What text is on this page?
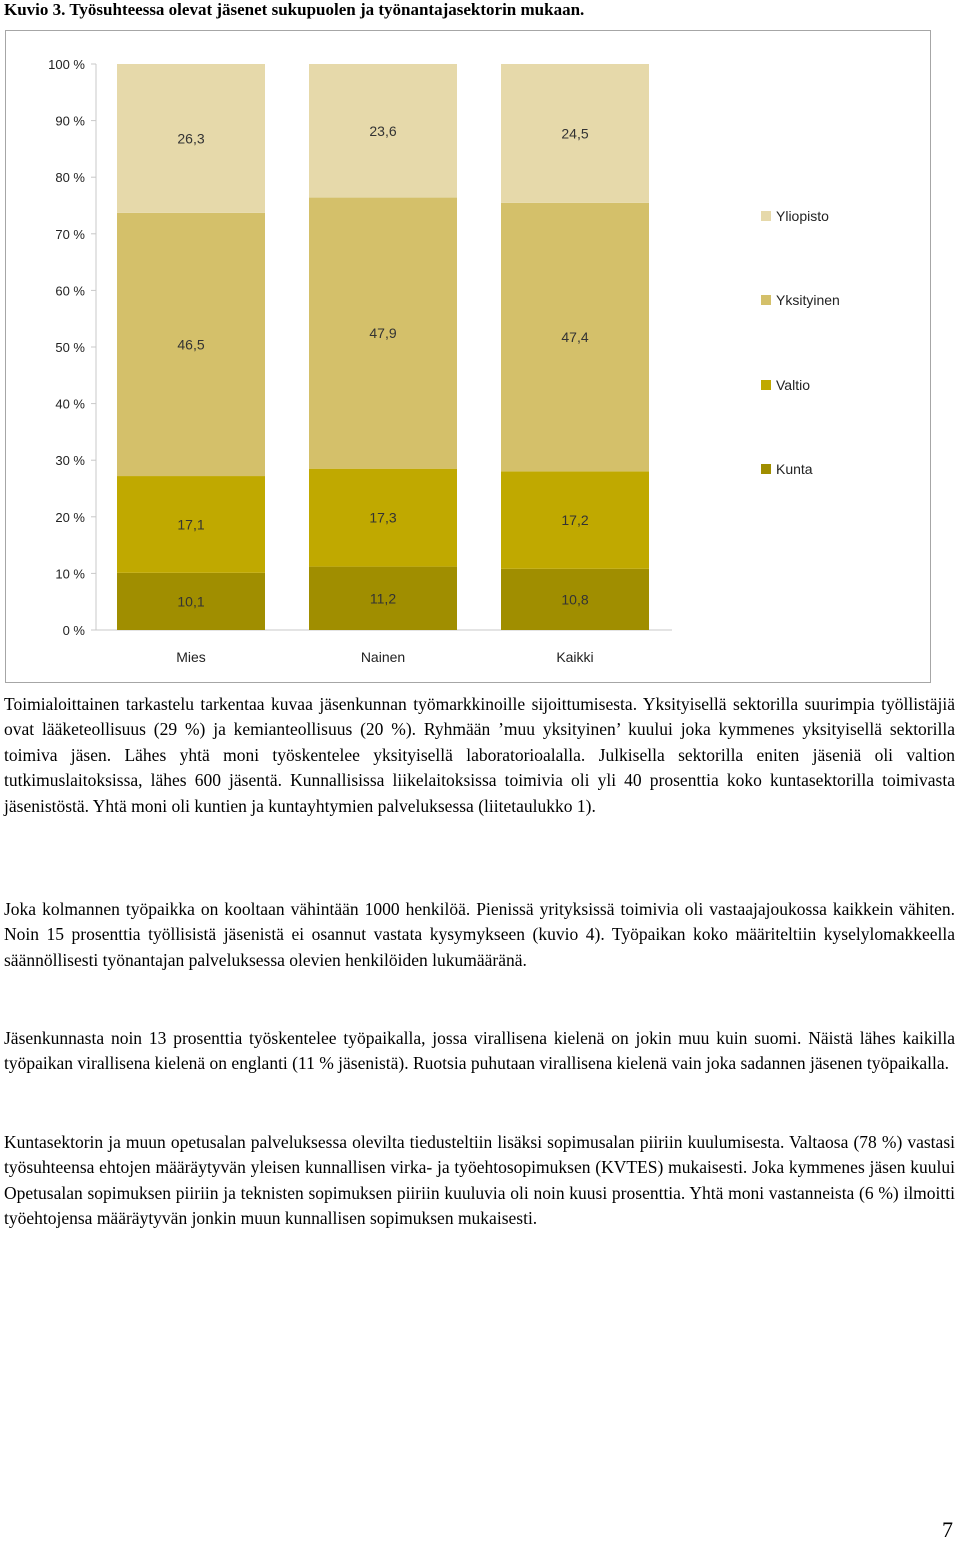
Kuvio 3. Työsuhteessa olevat jäsenet sukupuolen ja työnantajasektorin mukaan.
0 %
10 %
20 %
30 %
40 %
50 %
60 %
70 %
80 %
90 %
100 %
10,1
17,1
46,5
26,3
Mies
11,2
17,3
47,9
23,6
Nainen
10,8
17,2
47,4
24,5
Kaikki
Yliopisto
Yksityinen
Valtio
Kunta

Toimialoittainen tarkastelu tarkentaa kuvaa jäsenkunnan työmarkkinoille sijoittumisesta. Yksityisellä sektorilla suurimpia työllistäjiä ovat lääketeollisuus (29 %) ja kemianteollisuus (20 %). Ryhmään ’muu yksityinen’ kuului joka kymmenes yksityisellä sektorilla toimiva jäsen. Lähes yhtä moni työskentelee yksityisellä laboratorioalalla. Julkisella sektorilla eniten jäseniä oli valtion tutkimuslaitoksissa, lähes 600 jäsentä. Kunnallisissa liikelaitoksissa toimivia oli yli 40 prosenttia koko kuntasektorilla toimivasta jäsenistöstä. Yhtä moni oli kuntien ja kuntayhtymien palveluksessa (liitetaulukko 1).

Joka kolmannen työpaikka on kooltaan vähintään 1000 henkilöä. Pienissä yrityksissä toimivia oli vastaajajoukossa kaikkein vähiten. Noin 15 prosenttia työllisistä jäsenistä ei osannut vastata kysymykseen (kuvio 4). Työpaikan koko määriteltiin kyselylomakkeella säännöllisesti työnantajan palveluksessa olevien henkilöiden lukumääränä.

Jäsenkunnasta noin 13 prosenttia työskentelee työpaikalla, jossa virallisena kielenä on jokin muu kuin suomi. Näistä lähes kaikilla työpaikan virallisena kielenä on englanti (11 % jäsenistä). Ruotsia puhutaan virallisena kielenä vain joka sadannen jäsenen työpaikalla.

Kuntasektorin ja muun opetusalan palveluksessa olevilta tiedusteltiin lisäksi sopimusalan piiriin kuulumisesta. Valtaosa (78 %) vastasi työsuhteensa ehtojen määräytyvän yleisen kunnallisen virka- ja työehtosopimuksen (KVTES) mukaisesti. Joka kymmenes jäsen kuului Opetusalan sopimuksen piiriin ja teknisten sopimuksen piiriin kuuluvia oli noin kuusi prosenttia. Yhtä moni vastanneista (6 %) ilmoitti työehtojensa määräytyvän jonkin muun kunnallisen sopimuksen mukaisesti.

7
